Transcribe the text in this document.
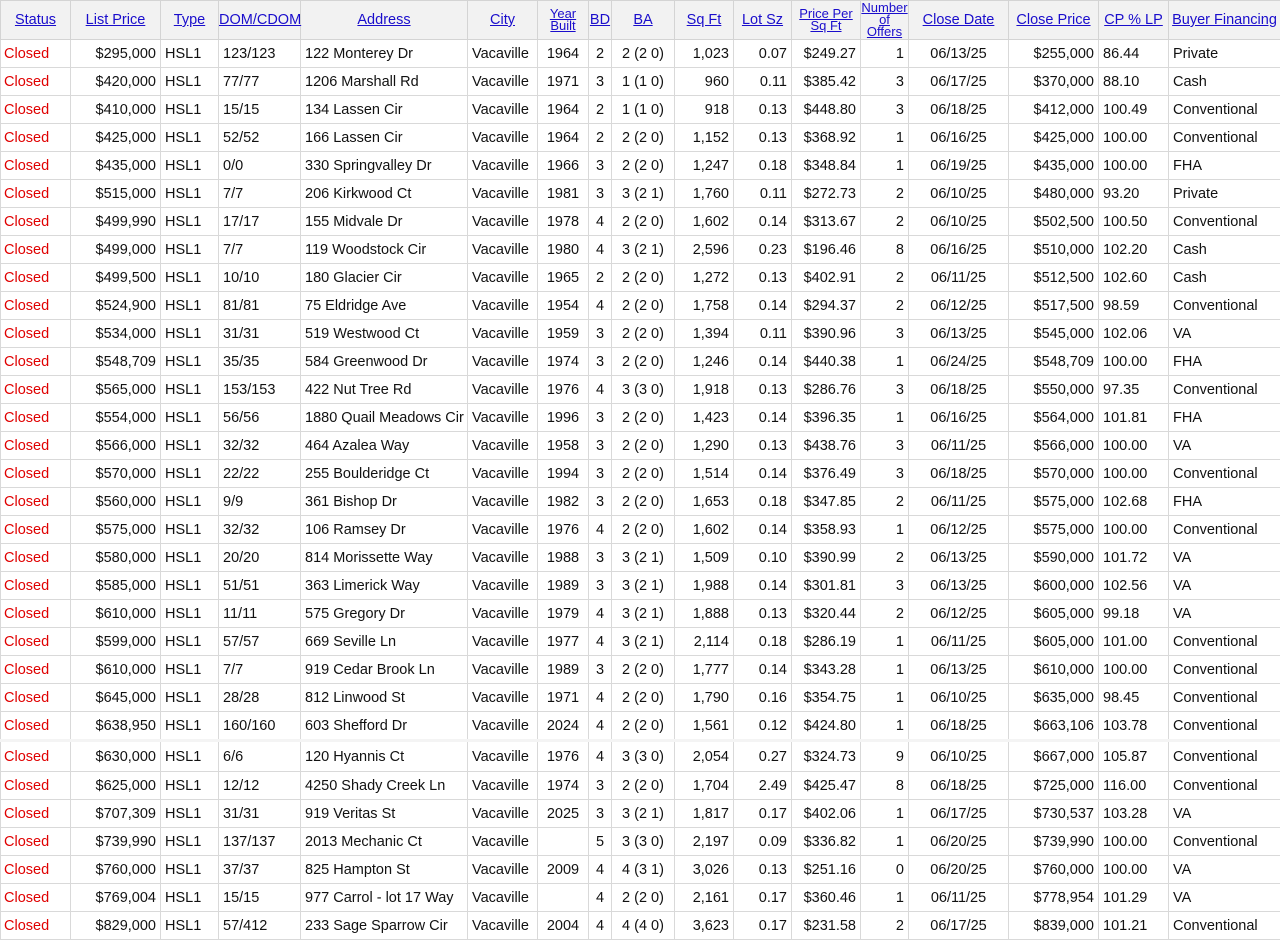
Status	List Price	Type	DOM/CDOM	Address	City	Year Built	BD	BA	Sq Ft	Lot Sz	Price Per Sq Ft	Number of Offers	Close Date	Close Price	CP % LP	Buyer Financing
Closed	$295,000	HSL1	123/123	122 Monterey Dr	Vacaville	1964	2	2 (2 0)	1,023	0.07	$249.27	1	06/13/25	$255,000	86.44	Private
Closed	$420,000	HSL1	77/77	1206 Marshall Rd	Vacaville	1971	3	1 (1 0)	960	0.11	$385.42	3	06/17/25	$370,000	88.10	Cash
Closed	$410,000	HSL1	15/15	134 Lassen Cir	Vacaville	1964	2	1 (1 0)	918	0.13	$448.80	3	06/18/25	$412,000	100.49	Conventional
Closed	$425,000	HSL1	52/52	166 Lassen Cir	Vacaville	1964	2	2 (2 0)	1,152	0.13	$368.92	1	06/16/25	$425,000	100.00	Conventional
Closed	$435,000	HSL1	0/0	330 Springvalley Dr	Vacaville	1966	3	2 (2 0)	1,247	0.18	$348.84	1	06/19/25	$435,000	100.00	FHA
Closed	$515,000	HSL1	7/7	206 Kirkwood Ct	Vacaville	1981	3	3 (2 1)	1,760	0.11	$272.73	2	06/10/25	$480,000	93.20	Private
Closed	$499,990	HSL1	17/17	155 Midvale Dr	Vacaville	1978	4	2 (2 0)	1,602	0.14	$313.67	2	06/10/25	$502,500	100.50	Conventional
Closed	$499,000	HSL1	7/7	119 Woodstock Cir	Vacaville	1980	4	3 (2 1)	2,596	0.23	$196.46	8	06/16/25	$510,000	102.20	Cash
Closed	$499,500	HSL1	10/10	180 Glacier Cir	Vacaville	1965	2	2 (2 0)	1,272	0.13	$402.91	2	06/11/25	$512,500	102.60	Cash
Closed	$524,900	HSL1	81/81	75 Eldridge Ave	Vacaville	1954	4	2 (2 0)	1,758	0.14	$294.37	2	06/12/25	$517,500	98.59	Conventional
Closed	$534,000	HSL1	31/31	519 Westwood Ct	Vacaville	1959	3	2 (2 0)	1,394	0.11	$390.96	3	06/13/25	$545,000	102.06	VA
Closed	$548,709	HSL1	35/35	584 Greenwood Dr	Vacaville	1974	3	2 (2 0)	1,246	0.14	$440.38	1	06/24/25	$548,709	100.00	FHA
Closed	$565,000	HSL1	153/153	422 Nut Tree Rd	Vacaville	1976	4	3 (3 0)	1,918	0.13	$286.76	3	06/18/25	$550,000	97.35	Conventional
Closed	$554,000	HSL1	56/56	1880 Quail Meadows Cir	Vacaville	1996	3	2 (2 0)	1,423	0.14	$396.35	1	06/16/25	$564,000	101.81	FHA
Closed	$566,000	HSL1	32/32	464 Azalea Way	Vacaville	1958	3	2 (2 0)	1,290	0.13	$438.76	3	06/11/25	$566,000	100.00	VA
Closed	$570,000	HSL1	22/22	255 Boulderidge Ct	Vacaville	1994	3	2 (2 0)	1,514	0.14	$376.49	3	06/18/25	$570,000	100.00	Conventional
Closed	$560,000	HSL1	9/9	361 Bishop Dr	Vacaville	1982	3	2 (2 0)	1,653	0.18	$347.85	2	06/11/25	$575,000	102.68	FHA
Closed	$575,000	HSL1	32/32	106 Ramsey Dr	Vacaville	1976	4	2 (2 0)	1,602	0.14	$358.93	1	06/12/25	$575,000	100.00	Conventional
Closed	$580,000	HSL1	20/20	814 Morissette Way	Vacaville	1988	3	3 (2 1)	1,509	0.10	$390.99	2	06/13/25	$590,000	101.72	VA
Closed	$585,000	HSL1	51/51	363 Limerick Way	Vacaville	1989	3	3 (2 1)	1,988	0.14	$301.81	3	06/13/25	$600,000	102.56	VA
Closed	$610,000	HSL1	11/11	575 Gregory Dr	Vacaville	1979	4	3 (2 1)	1,888	0.13	$320.44	2	06/12/25	$605,000	99.18	VA
Closed	$599,000	HSL1	57/57	669 Seville Ln	Vacaville	1977	4	3 (2 1)	2,114	0.18	$286.19	1	06/11/25	$605,000	101.00	Conventional
Closed	$610,000	HSL1	7/7	919 Cedar Brook Ln	Vacaville	1989	3	2 (2 0)	1,777	0.14	$343.28	1	06/13/25	$610,000	100.00	Conventional
Closed	$645,000	HSL1	28/28	812 Linwood St	Vacaville	1971	4	2 (2 0)	1,790	0.16	$354.75	1	06/10/25	$635,000	98.45	Conventional
Closed	$638,950	HSL1	160/160	603 Shefford Dr	Vacaville	2024	4	2 (2 0)	1,561	0.12	$424.80	1	06/18/25	$663,106	103.78	Conventional
Closed	$630,000	HSL1	6/6	120 Hyannis Ct	Vacaville	1976	4	3 (3 0)	2,054	0.27	$324.73	9	06/10/25	$667,000	105.87	Conventional
Closed	$625,000	HSL1	12/12	4250 Shady Creek Ln	Vacaville	1974	3	2 (2 0)	1,704	2.49	$425.47	8	06/18/25	$725,000	116.00	Conventional
Closed	$707,309	HSL1	31/31	919 Veritas St	Vacaville	2025	3	3 (2 1)	1,817	0.17	$402.06	1	06/17/25	$730,537	103.28	VA
Closed	$739,990	HSL1	137/137	2013 Mechanic Ct	Vacaville		5	3 (3 0)	2,197	0.09	$336.82	1	06/20/25	$739,990	100.00	Conventional
Closed	$760,000	HSL1	37/37	825 Hampton St	Vacaville	2009	4	4 (3 1)	3,026	0.13	$251.16	0	06/20/25	$760,000	100.00	VA
Closed	$769,004	HSL1	15/15	977 Carrol - lot 17 Way	Vacaville		4	2 (2 0)	2,161	0.17	$360.46	1	06/11/25	$778,954	101.29	VA
Closed	$829,000	HSL1	57/412	233 Sage Sparrow Cir	Vacaville	2004	4	4 (4 0)	3,623	0.17	$231.58	2	06/17/25	$839,000	101.21	Conventional
